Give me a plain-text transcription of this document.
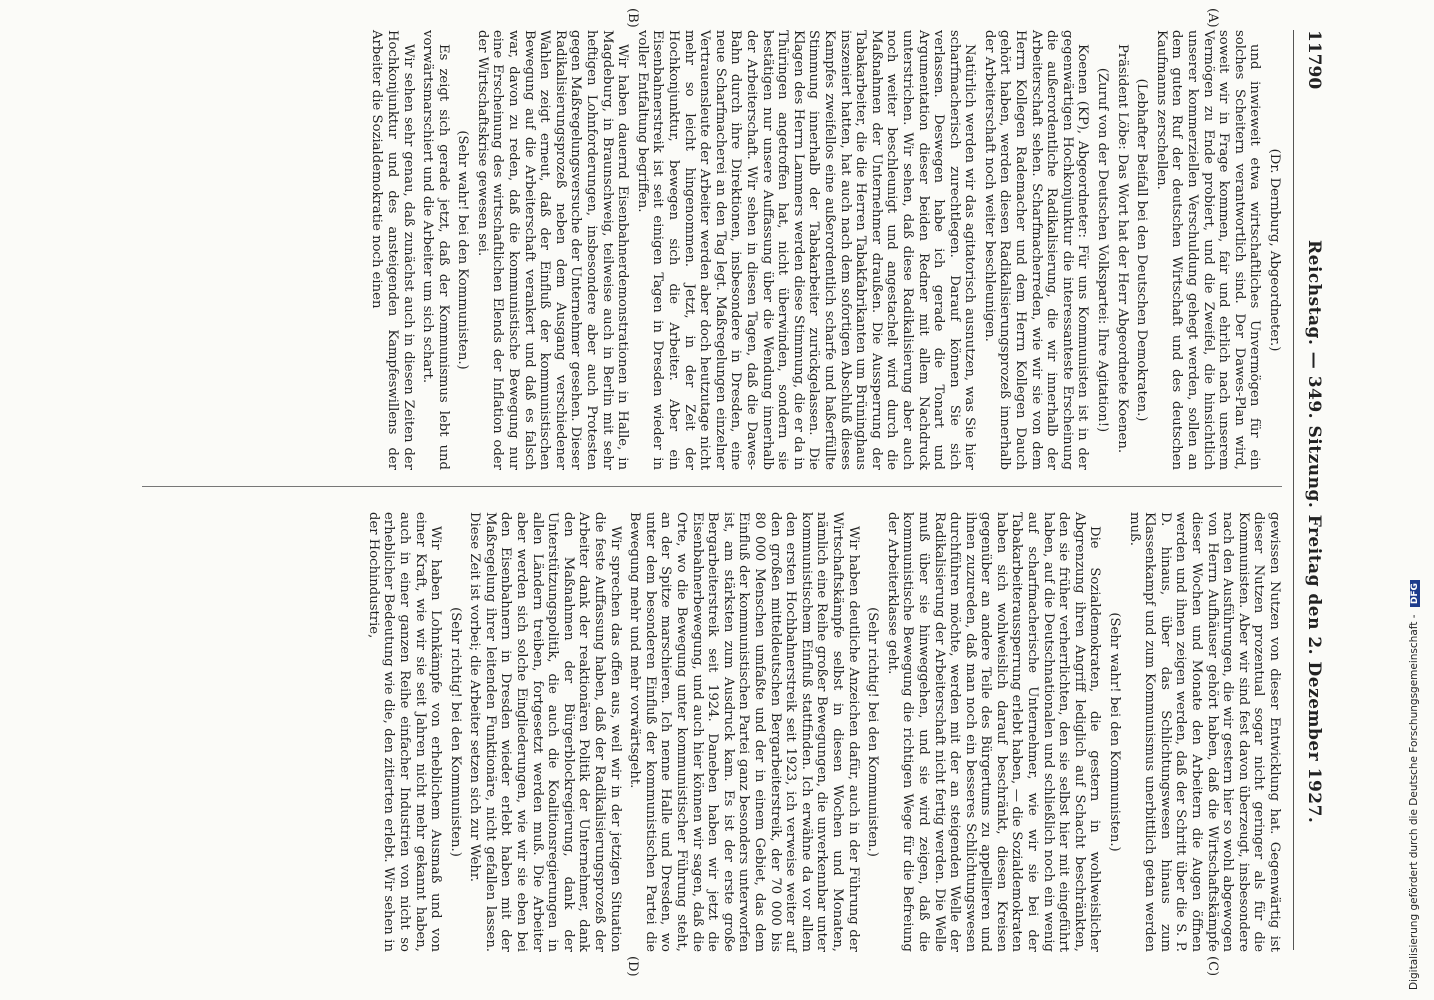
11790
Reichstag. — 349. Sitzung. Freitag den 2. Dezember 1927.
(A)
(B)
(C)
(D)

(Dr. Dernburg, Abgeordneter.)

und inwieweit etwa wirtschaftliches Unvermögen für ein solches Scheitern verantwortlich sind. Der Dawes-Plan wird, soweit wir in Frage kommen, fair und ehrlich nach unserem Vermögen zu Ende probiert, und die Zweifel, die hinsichtlich unserer kommerziellen Verschuldung gehegt werden, sollen an dem guten Ruf der deutschen Wirtschaft und des deutschen Kaufmanns zerschellen.

(Lebhafter Beifall bei den Deutschen Demokraten.)

Präsident Löbe: Das Wort hat der Herr Abgeordnete Koenen.

(Zuruf von der Deutschen Volkspartei: Ihre Agitation!)

Koenen (KP), Abgeordneter: Für uns Kommunisten ist in der gegenwärtigen Hochkonjunktur die interessanteste Erscheinung die außerordentliche Radikalisierung, die wir innerhalb der Arbeiterschaft sehen. Scharfmacherreden, wie wir sie von dem Herrn Kollegen Rademacher und dem Herrn Kollegen Dauch gehört haben, werden diesen Radikalisierungsprozeß innerhalb der Arbeiterschaft noch weiter beschleunigen.

Natürlich werden wir das agitatorisch ausnutzen, was Sie hier scharfmacherisch zurechtlegen. Darauf können Sie sich verlassen. Deswegen habe ich gerade die Tonart und Argumentation dieser beiden Redner mit allem Nachdruck unterstrichen. Wir sehen, daß diese Radikalisierung aber auch noch weiter beschleunigt und angestachelt wird durch die Maßnahmen der Unternehmer draußen. Die Aussperrung der Tabakarbeiter, die die Herren Tabakfabrikanten um Brüninghaus inszeniert hatten, hat auch nach dem sofortigen Abschluß dieses Kampfes zweifellos eine außerordentlich scharfe und haßerfüllte Stimmung innerhalb der Tabakarbeiter zurückgelassen. Die Klagen des Herrn Lammers werden diese Stimmung, die er da in Thüringen angetroffen hat, nicht überwinden, sondern sie bestätigen nur unsere Auffassung über die Wendung innerhalb der Arbeiterschaft. Wir sehen in diesen Tagen, daß die Dawes-Bahn durch ihre Direktionen, insbesondere in Dresden, eine neue Scharfmacherei an den Tag legt. Maßregelungen einzelner Vertrauensleute der Arbeiter werden aber doch heutzutage nicht mehr so leicht hingenommen. Jetzt, in der Zeit der Hochkonjunktur, bewegen sich die Arbeiter. Aber ein Eisenbahnerstreik ist seit einigen Tagen in Dresden wieder in voller Entfaltung begriffen.

Wir haben dauernd Eisenbahnerdemonstrationen in Halle, in Magdeburg, in Braunschweig, teilweise auch in Berlin mit sehr heftigen Lohnforderungen, insbesondere aber auch Protesten gegen Maßregelungsversuche der Unternehmer gesehen. Dieser Radikalisierungsprozeß neben dem Ausgang verschiedener Wahlen zeigt erneut, daß der Einfluß der kommunistischen Bewegung auf die Arbeiterschaft verankert und daß es falsch war, davon zu reden, daß die kommunistische Bewegung nur eine Erscheinung des wirtschaftlichen Elends der Inflation oder der Wirtschaftskrise gewesen sei.

(Sehr wahr! bei den Kommunisten.)

Es zeigt sich gerade jetzt, daß der Kommunismus lebt und vorwärtsmarschiert und die Arbeiter um sich schart.

Wir sehen sehr genau, daß zunächst auch in diesen Zeiten der Hochkonjunktur und des ansteigenden Kampfeswillens der Arbeiter die Sozialdemokratie noch einen

gewissen Nutzen von dieser Entwicklung hat. Gegenwärtig ist dieser Nutzen prozentual sogar nicht geringer als für die Kommunisten. Aber wir sind fest davon überzeugt, insbesondere nach den Ausführungen, die wir gestern hier so wohl abgewogen von Herrn Aufhäuser gehört haben, daß die Wirtschaftskämpfe dieser Wochen und Monate den Arbeitern die Augen öffnen werden und ihnen zeigen werden, daß der Schritt über die S. P. D. hinaus, über das Schlichtungswesen hinaus zum Klassenkampf und zum Kommunismus unerbittlich getan werden muß.

(Sehr wahr! bei den Kommunisten.)

Die Sozialdemokraten, die gestern in wohlweislicher Abgrenzung ihren Angriff lediglich auf Schacht beschränkten, den sie früher verherrlichten, den sie selbst hier mit eingeführt haben, auf die Deutschnationalen und schließlich noch ein wenig auf scharfmacherische Unternehmer, wie wir sie bei der Tabakarbeiteraussperrung erlebt haben, — die Sozialdemokraten haben sich wohlweislich darauf beschränkt, diesen Kreisen gegenüber an andere Teile des Bürgertums zu appellieren und ihnen zuzureden, daß man noch ein besseres Schlichtungswesen durchführen möchte, werden mit der an steigenden Welle der Radikalisierung der Arbeiterschaft nicht fertig werden. Die Welle muß über sie hinweggehen, und sie wird zeigen, daß die kommunistische Bewegung die richtigen Wege für die Befreiung der Arbeiterklasse geht.

(Sehr richtig! bei den Kommunisten.)

Wir haben deutliche Anzeichen dafür, auch in der Führung der Wirtschaftskämpfe selbst in diesen Wochen und Monaten, nämlich eine Reihe großer Bewegungen, die unverkennbar unter kommunistischem Einfluß stattfinden. Ich erwähne da vor allem den ersten Hochbahnerstreik seit 1923, ich verweise weiter auf den großen mitteldeutschen Bergarbeiterstreik, der 70 000 bis 80 000 Menschen umfaßte und der in einem Gebiet, das dem Einfluß der kommunistischen Partei ganz besonders unterworfen ist, am stärksten zum Ausdruck kam. Es ist der erste große Bergarbeiterstreik seit 1924. Daneben haben wir jetzt die Eisenbahnerbewegung, und auch hier können wir sagen, daß die Orte, wo die Bewegung unter kommunistischer Führung steht, an der Spitze marschieren. Ich nenne Halle und Dresden, wo unter dem besonderen Einfluß der kommunistischen Partei die Bewegung mehr und mehr vorwärtsgeht.

Wir sprechen das offen aus, weil wir in der jetzigen Situation die feste Auffassung haben, daß der Radikalisierungsprozeß der Arbeiter dank der reaktionären Politik der Unternehmer, dank den Maßnahmen der Bürgerblockregierung, dank der Unterstützungspolitik, die auch die Koalitionsregierungen in allen Ländern treiben, fortgesetzt werden muß. Die Arbeiter aber werden sich solche Eingliederungen, wie wir sie eben bei den Eisenbahnern in Dresden wieder erlebt haben mit der Maßregelung ihrer leitenden Funktionäre, nicht gefallen lassen. Diese Zeit ist vorbei; die Arbeiter setzen sich zur Wehr.

(Sehr richtig! bei den Kommunisten.)

Wir haben Lohnkämpfe von erheblichem Ausmaß und von einer Kraft, wie wir sie seit Jahren nicht mehr gekannt haben, auch in einer ganzen Reihe einfacher Industrien von nicht so erheblicher Bedeutung wie die, den zitierten erlebt. Wir sehen in der Hochindustrie,

Digitalisierung gefördert durch die Deutsche Forschungsgemeinschaft - DFG
